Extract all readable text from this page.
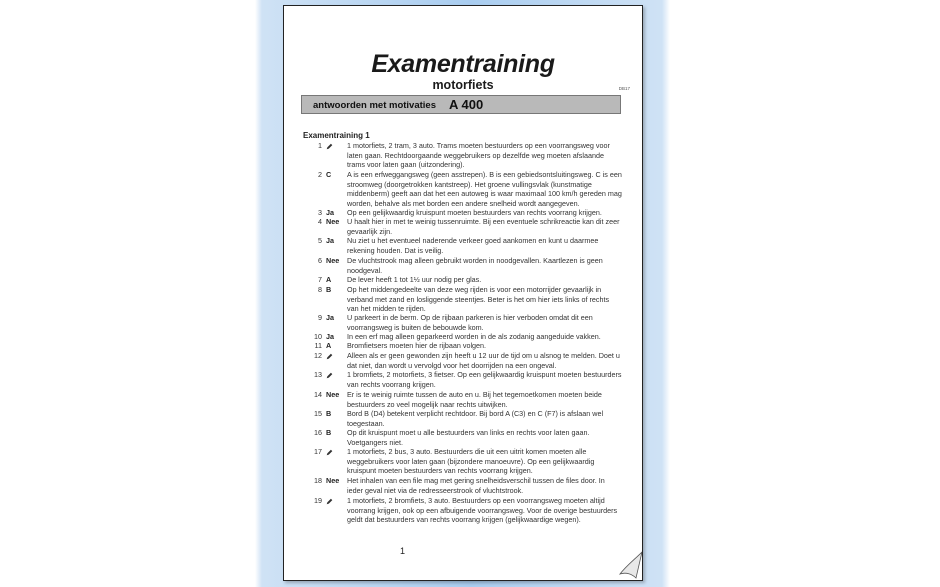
Examentraining
motorfiets	DB17
antwoorden met motivaties A 400
Examentraining 1
1	1 motorfiets, 2 tram, 3 auto. Trams moeten bestuurders op een voorrangsweg voor laten gaan. Rechtdoorgaande weggebruikers op dezelfde weg moeten afslaande trams voor laten gaan (uitzondering).
2 C A is een erfweggangsweg (geen asstrepen). B is een gebiedsontsluitingsweg. C is een stroomweg (doorgetrokken kantstreep). Het groene vullingsvlak (kunstmatige middenberm) geeft aan dat het een autoweg is waar maximaal 100 km/h gereden mag worden, behalve als met borden een andere snelheid wordt aangegeven.
3 Ja Op een gelijkwaardig kruispunt moeten bestuurders van rechts voorrang krijgen.
4 Nee U haalt hier in met te weinig tussenruimte. Bij een eventuele schrikreactie kan dit zeer gevaarlijk zijn.
5 Ja Nu ziet u het eventueel naderende verkeer goed aankomen en kunt u daarmee rekening houden. Dat is veilig.
6 Nee De vluchtstrook mag alleen gebruikt worden in noodgevallen. Kaartlezen is geen noodgeval.
7 A De lever heeft 1 tot 1½ uur nodig per glas.
8 B Op het middengedeelte van deze weg rijden is voor een motorrijder gevaarlijk in verband met zand en losliggende steentjes. Beter is het om hier iets links of rechts van het midden te rijden.
9 Ja U parkeert in de berm. Op de rijbaan parkeren is hier verboden omdat dit een voorrangsweg is buiten de bebouwde kom.
10 Ja In een erf mag alleen geparkeerd worden in de als zodanig aangeduide vakken.
11 A Bromfietsers moeten hier de rijbaan volgen.
12	Alleen als er geen gewonden zijn heeft u 12 uur de tijd om u alsnog te melden. Doet u dat niet, dan wordt u vervolgd voor het doorrijden na een ongeval.
13	1 bromfiets, 2 motorfiets, 3 fietser. Op een gelijkwaardig kruispunt moeten bestuurders van rechts voorrang krijgen.
14 Nee Er is te weinig ruimte tussen de auto en u. Bij het tegemoetkomen moeten beide bestuurders zo veel mogelijk naar rechts uitwijken.
15 B Bord B (D4) betekent verplicht rechtdoor. Bij bord A (C3) en C (F7) is afslaan wel toegestaan.
16 B Op dit kruispunt moet u alle bestuurders van links en rechts voor laten gaan. Voetgangers niet.
17	1 motorfiets, 2 bus, 3 auto. Bestuurders die uit een uitrit komen moeten alle weggebruikers voor laten gaan (bijzondere manoeuvre). Op een gelijkwaardig kruispunt moeten bestuurders van rechts voorrang krijgen.
18 Nee Het inhalen van een file mag met gering snelheidsverschil tussen de files door. In ieder geval niet via de redresseerstrook of vluchtstrook.
19	1 motorfiets, 2 bromfiets, 3 auto. Bestuurders op een voorrangsweg moeten altijd voorrang krijgen, ook op een afbuigende voorrangsweg. Voor de overige bestuurders geldt dat bestuurders van rechts voorrang krijgen (gelijkwaardige wegen).
1
